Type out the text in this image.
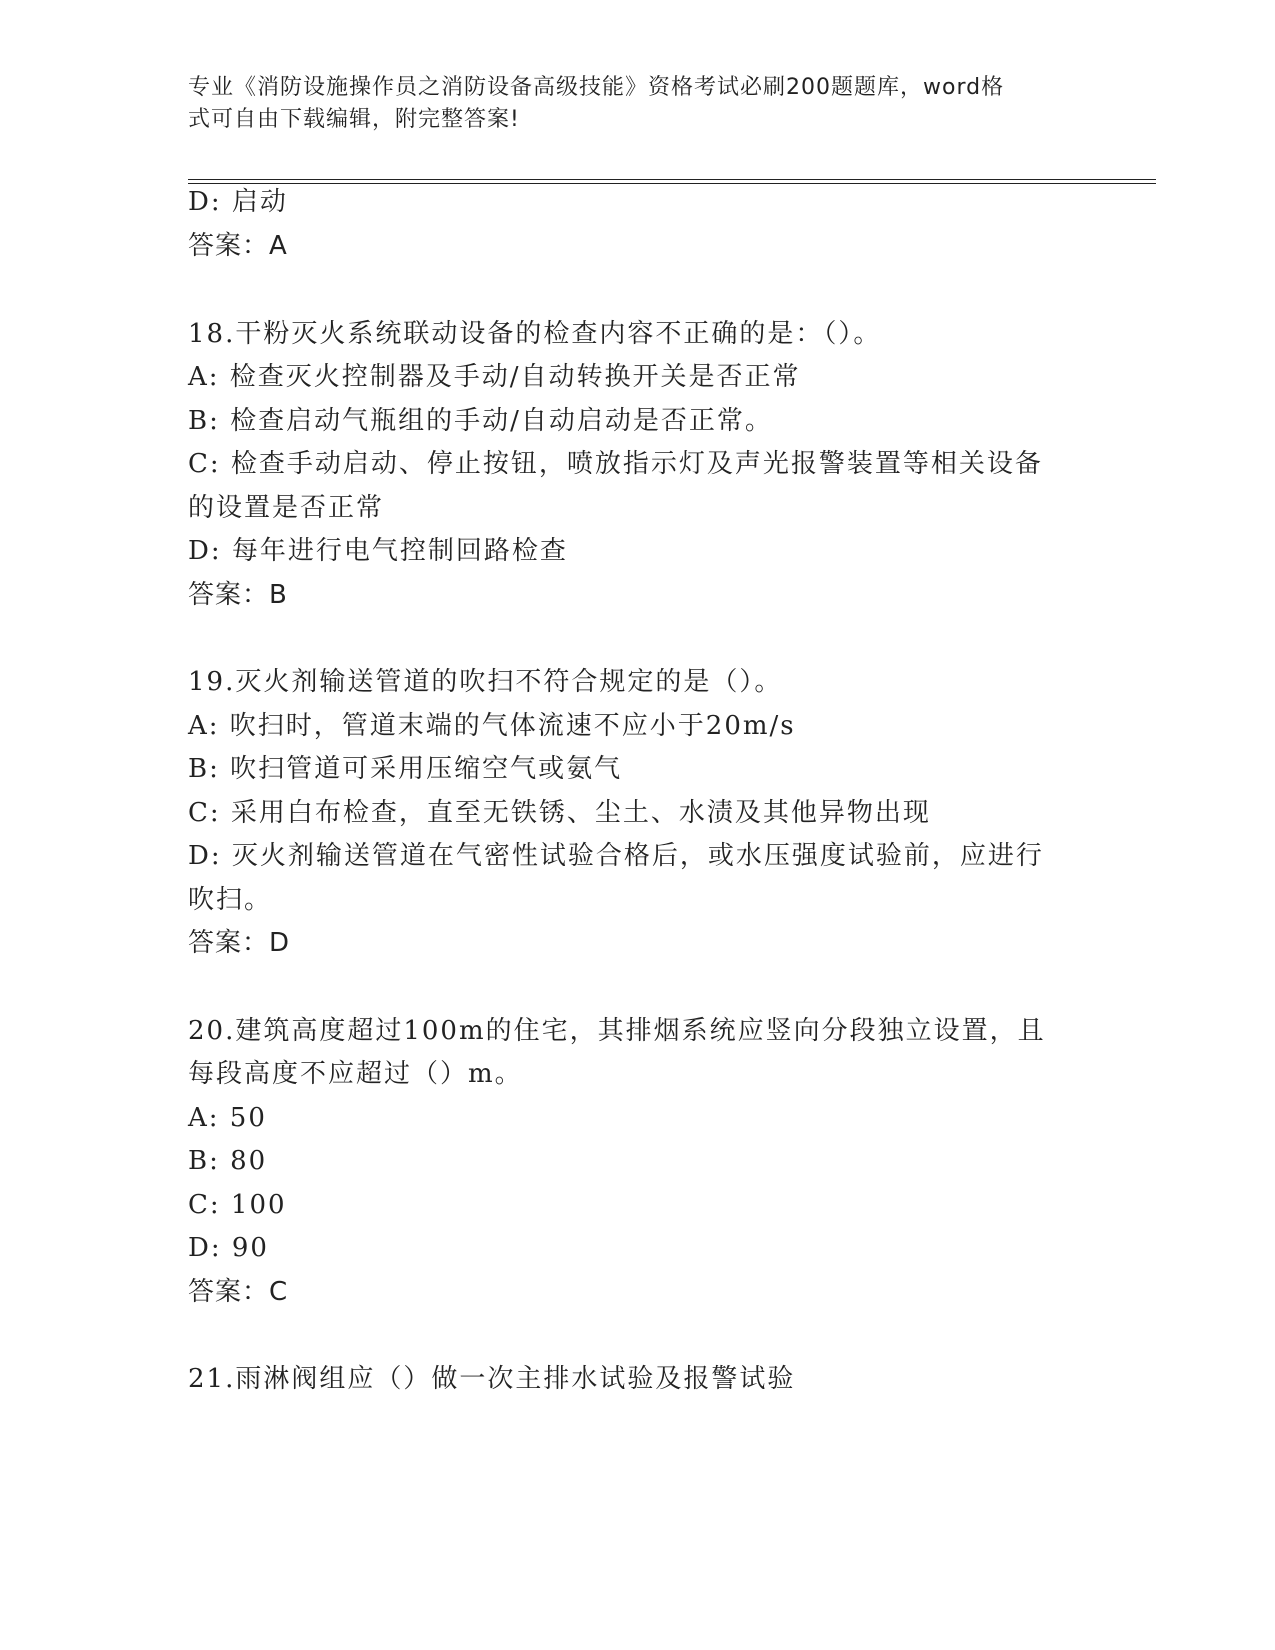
专业《消防设施操作员之消防设备高级技能》资格考试必刷200题题库，word格
式可自由下载编辑，附完整答案!
D: 启动
答案：A
18.干粉灭火系统联动设备的检查内容不正确的是：（）。
A: 检查灭火控制器及手动/自动转换开关是否正常
B: 检查启动气瓶组的手动/自动启动是否正常。
C: 检查手动启动、停止按钮，喷放指示灯及声光报警装置等相关设备
的设置是否正常
D: 每年进行电气控制回路检查
答案：B
19.灭火剂输送管道的吹扫不符合规定的是（）。
A: 吹扫时，管道末端的气体流速不应小于20m/s
B: 吹扫管道可采用压缩空气或氨气
C: 采用白布检查，直至无铁锈、尘土、水渍及其他异物出现
D: 灭火剂输送管道在气密性试验合格后，或水压强度试验前，应进行
吹扫。
答案：D
20.建筑高度超过100m的住宅，其排烟系统应竖向分段独立设置，且
每段高度不应超过（）m。
A: 50
B: 80
C: 100
D: 90
答案：C
21.雨淋阀组应（）做一次主排水试验及报警试验
